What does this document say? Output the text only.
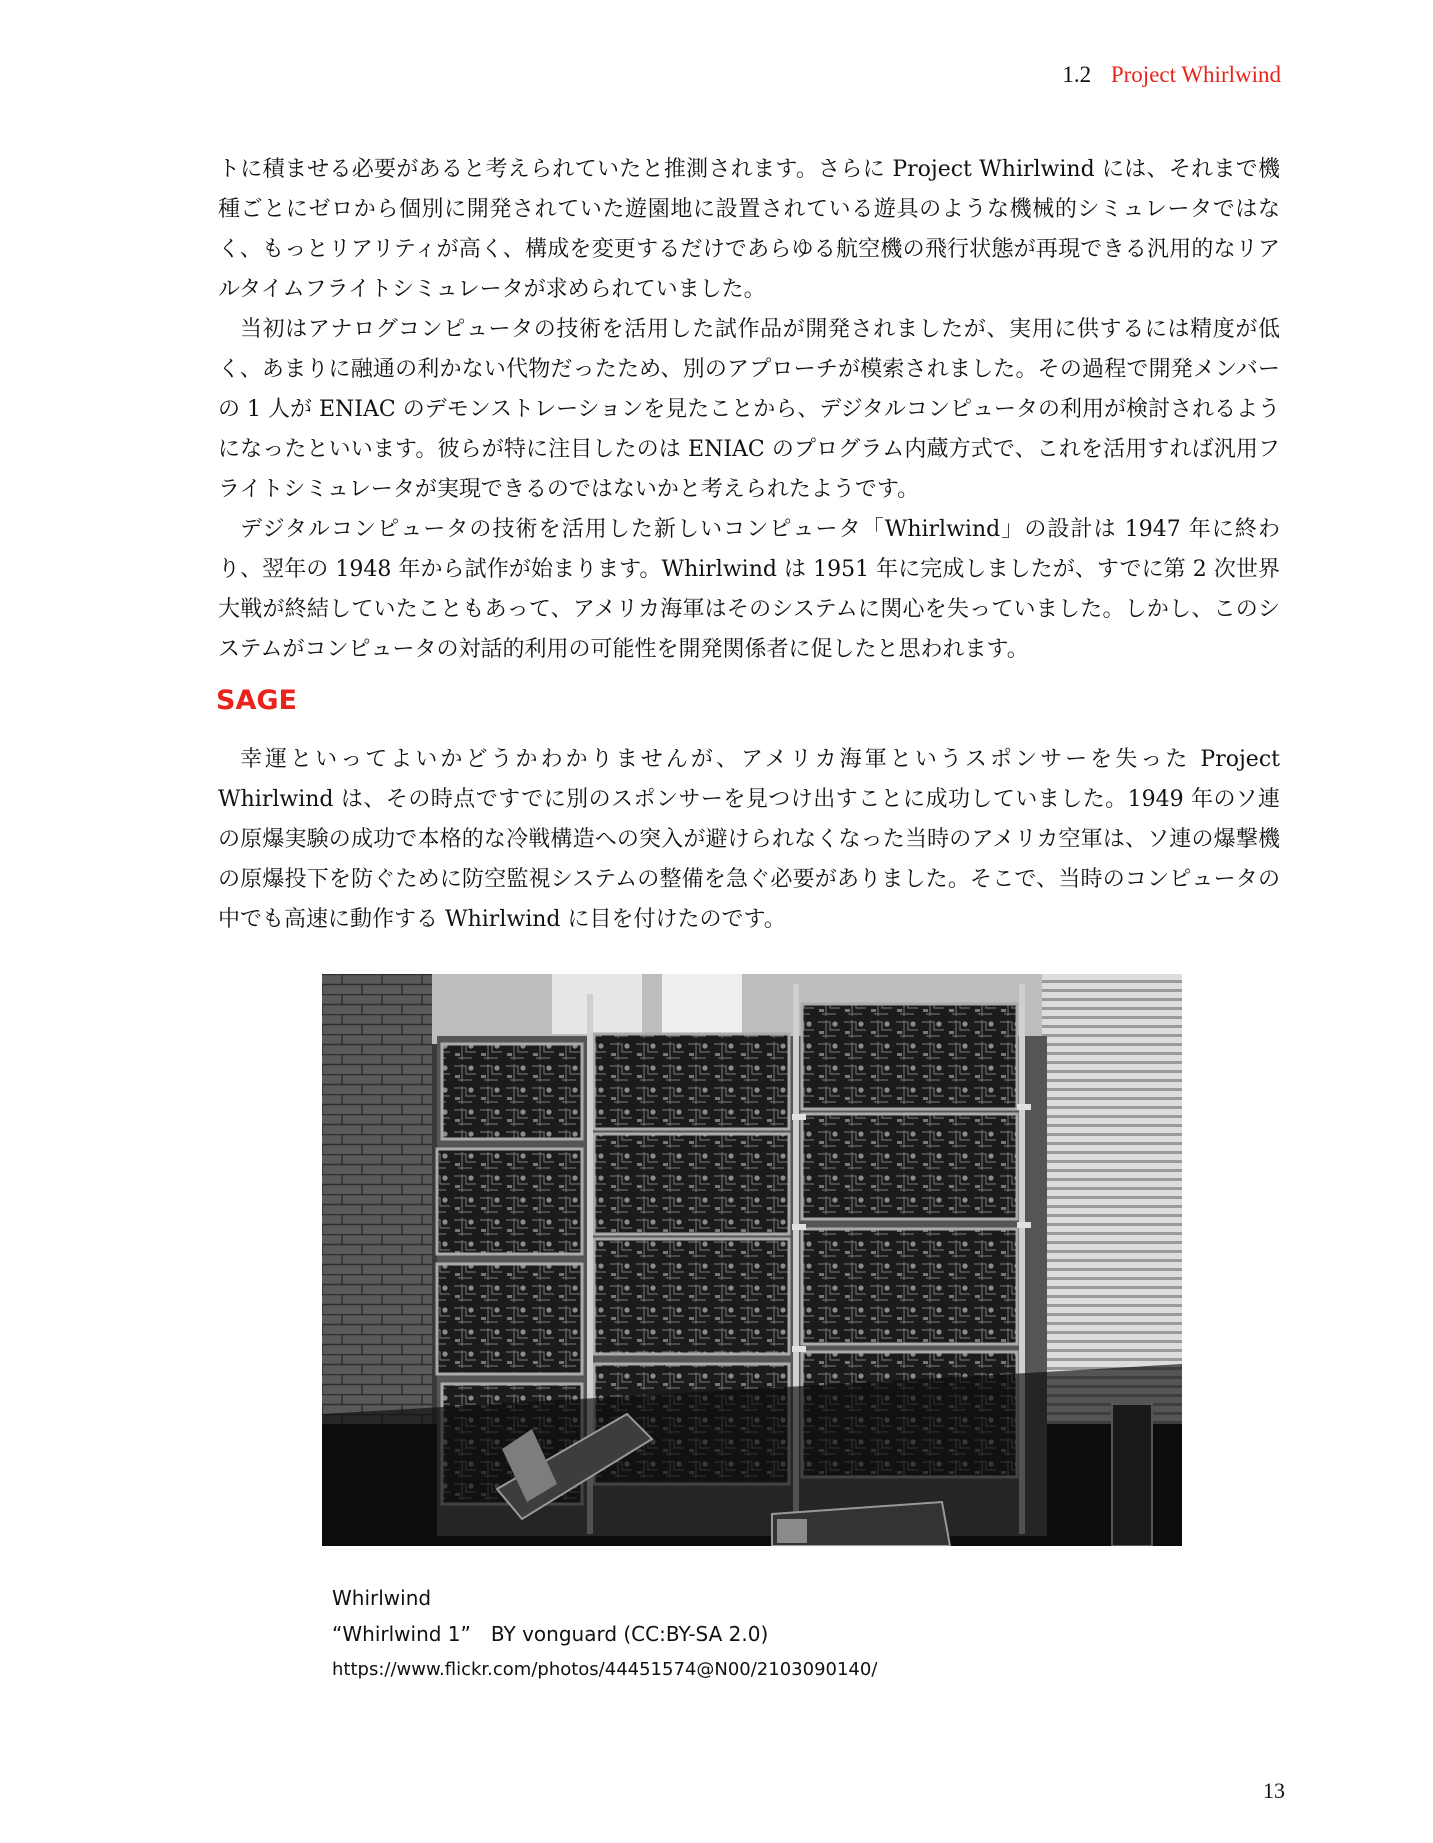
1.2 Project Whirlwind

トに積ませる必要があると考えられていたと推測されます。さらに Project Whirlwind には、それまで機種ごとにゼロから個別に開発されていた遊園地に設置されている遊具のような機械的シミュレータではなく、もっとリアリティが高く、構成を変更するだけであらゆる航空機の飛行状態が再現できる汎用的なリアルタイムフライトシミュレータが求められていました。

当初はアナログコンピュータの技術を活用した試作品が開発されましたが、実用に供するには精度が低く、あまりに融通の利かない代物だったため、別のアプローチが模索されました。その過程で開発メンバーの 1 人が ENIAC のデモンストレーションを見たことから、デジタルコンピュータの利用が検討されるようになったといいます。彼らが特に注目したのは ENIAC のプログラム内蔵方式で、これを活用すれば汎用フライトシミュレータが実現できるのではないかと考えられたようです。

デジタルコンピュータの技術を活用した新しいコンピュータ「Whirlwind」の設計は 1947 年に終わり、翌年の 1948 年から試作が始まります。Whirlwind は 1951 年に完成しましたが、すでに第 2 次世界大戦が終結していたこともあって、アメリカ海軍はそのシステムに関心を失っていました。しかし、このシステムがコンピュータの対話的利用の可能性を開発関係者に促したと思われます。

SAGE

幸運といってよいかどうかわかりませんが、アメリカ海軍というスポンサーを失った Project Whirlwind は、その時点ですでに別のスポンサーを見つけ出すことに成功していました。1949 年のソ連の原爆実験の成功で本格的な冷戦構造への突入が避けられなくなった当時のアメリカ空軍は、ソ連の爆撃機の原爆投下を防ぐために防空監視システムの整備を急ぐ必要がありました。そこで、当時のコンピュータの中でも高速に動作する Whirlwind に目を付けたのです。

Whirlwind
“Whirlwind 1”　BY vonguard (CC:BY-SA 2.0)
https://www.flickr.com/photos/44451574@N00/2103090140/
13
